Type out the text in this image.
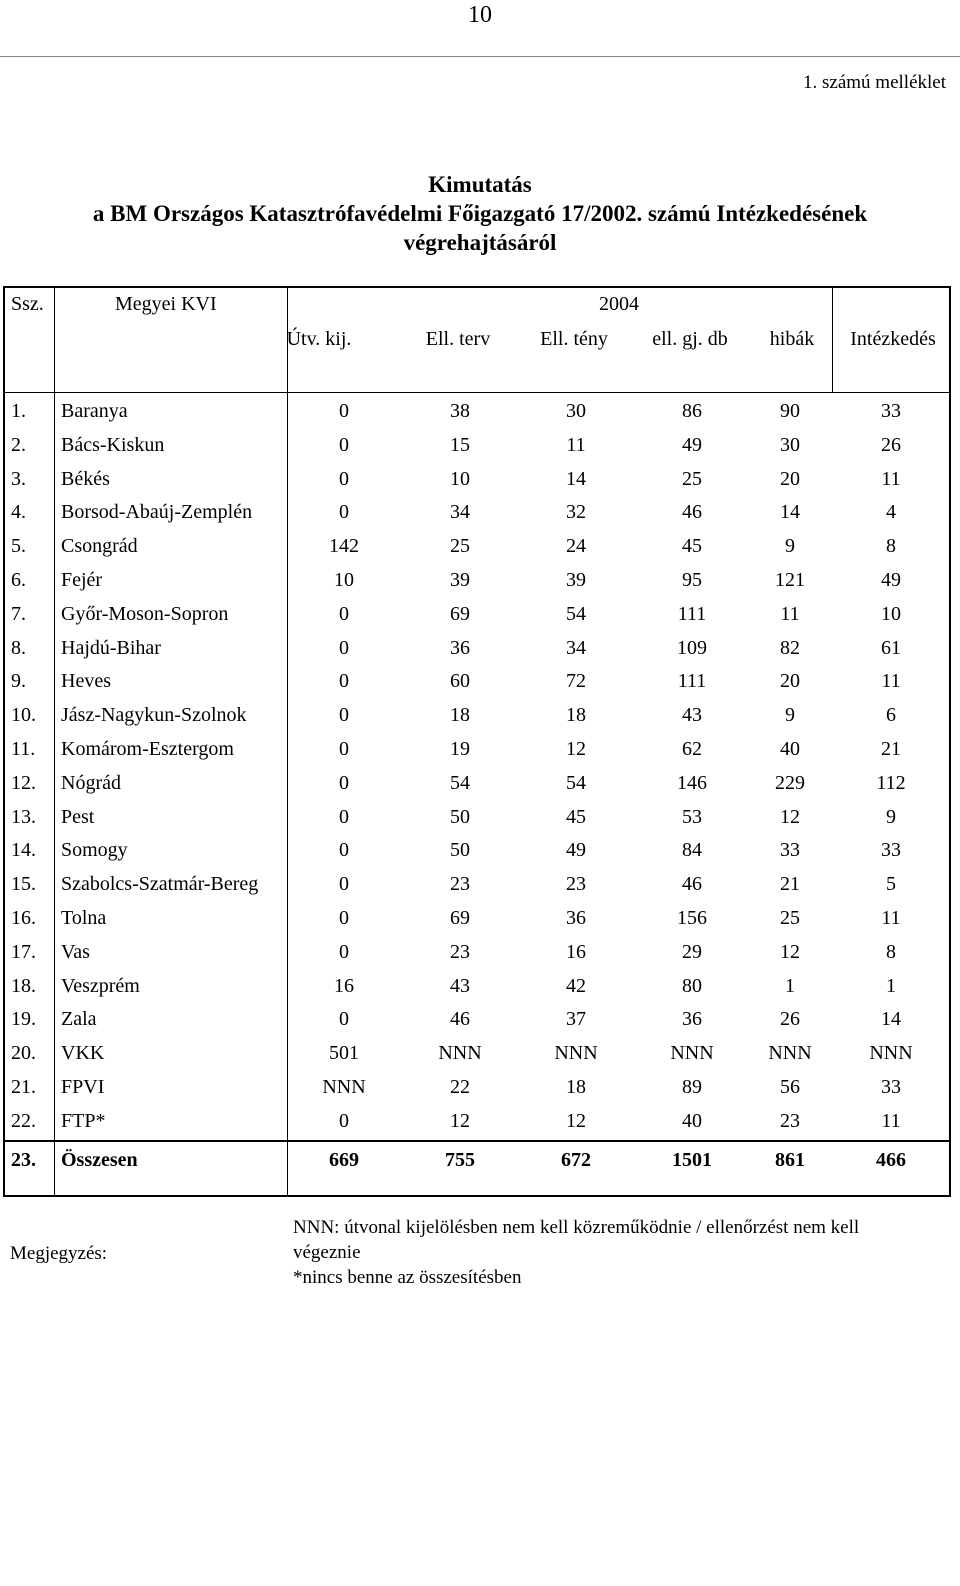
10
1. számú melléklet
Kimutatás
a BM Országos Katasztrófavédelmi Főigazgató 17/2002. számú Intézkedésének
végrehajtásáról
Ssz.	Megyei KVI	2004
Útv. kij.	Ell. terv	Ell. tény	ell. gj. db	hibák	Intézkedés
1. Baranya	0	38	30	86	90	33
2. Bács-Kiskun	0	15	11	49	30	26
3. Békés	0	10	14	25	20	11
4. Borsod-Abaúj-Zemplén	0	34	32	46	14	4
5. Csongrád	142	25	24	45	9	8
6. Fejér	10	39	39	95	121	49
7. Győr-Moson-Sopron	0	69	54	111	11	10
8. Hajdú-Bihar	0	36	34	109	82	61
9. Heves	0	60	72	111	20	11
10. Jász-Nagykun-Szolnok	0	18	18	43	9	6
11. Komárom-Esztergom	0	19	12	62	40	21
12. Nógrád	0	54	54	146	229	112
13. Pest	0	50	45	53	12	9
14. Somogy	0	50	49	84	33	33
15. Szabolcs-Szatmár-Bereg	0	23	23	46	21	5
16. Tolna	0	69	36	156	25	11
17. Vas	0	23	16	29	12	8
18. Veszprém	16	43	42	80	1	1
19. Zala	0	46	37	36	26	14
20. VKK	501	NNN	NNN	NNN	NNN	NNN
21. FPVI	NNN	22	18	89	56	33
22. FTP*	0	12	12	40	23	11
23. Összesen	669	755	672	1501	861	466
Megjegyzés:
NNN: útvonal kijelölésben nem kell közreműködnie / ellenőrzést nem kell
végeznie
*nincs benne az összesítésben
